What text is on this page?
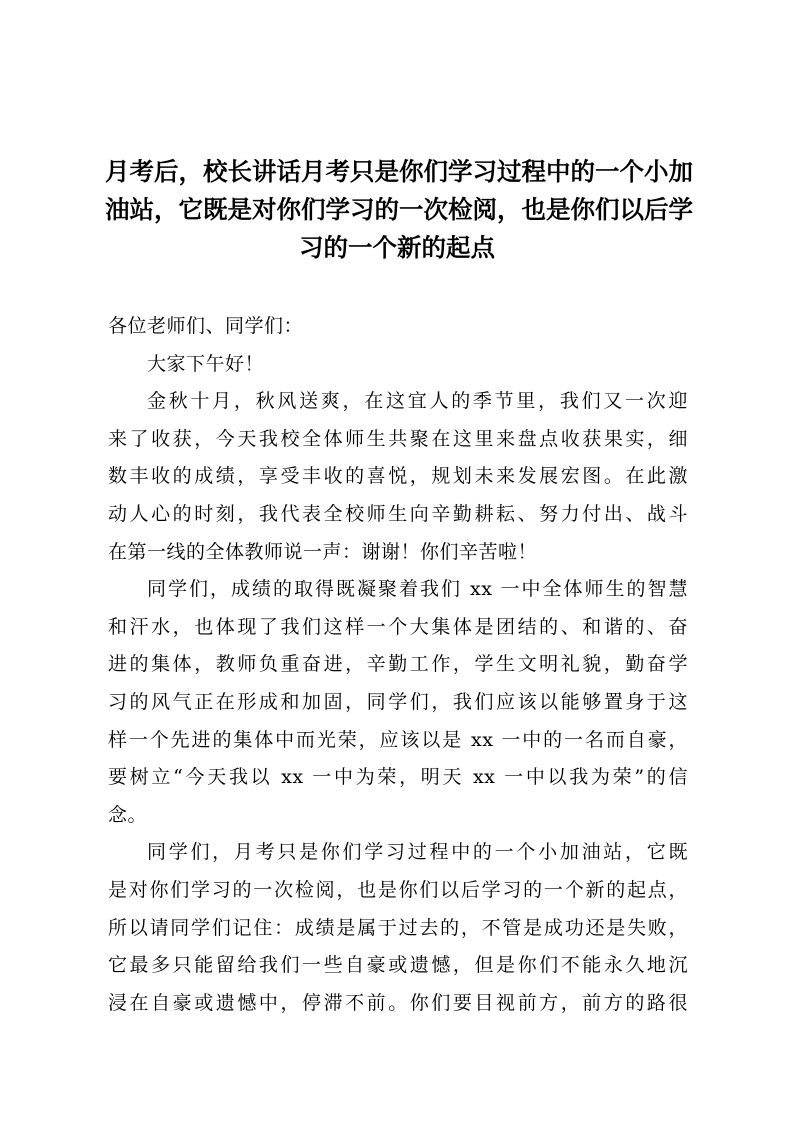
月考后，校长讲话月考只是你们学习过程中的一个小加
油站，它既是对你们学习的一次检阅，也是你们以后学
习的一个新的起点
各位老师们、同学们：
大家下午好！
金秋十月，秋风送爽，在这宜人的季节里，我们又一次迎
来了收获，今天我校全体师生共聚在这里来盘点收获果实，细
数丰收的成绩，享受丰收的喜悦，规划未来发展宏图。在此激
动人心的时刻，我代表全校师生向辛勤耕耘、努力付出、战斗
在第一线的全体教师说一声：谢谢！你们辛苦啦！
同学们，成绩的取得既凝聚着我们 xx 一中全体师生的智慧
和汗水，也体现了我们这样一个大集体是团结的、和谐的、奋
进的集体，教师负重奋进，辛勤工作，学生文明礼貌，勤奋学
习的风气正在形成和加固，同学们，我们应该以能够置身于这
样一个先进的集体中而光荣，应该以是 xx 一中的一名而自豪，
要树立“今天我以 xx 一中为荣，明天 xx 一中以我为荣”的信
念。
同学们，月考只是你们学习过程中的一个小加油站，它既
是对你们学习的一次检阅，也是你们以后学习的一个新的起点，
所以请同学们记住：成绩是属于过去的，不管是成功还是失败，
它最多只能留给我们一些自豪或遗憾，但是你们不能永久地沉
浸在自豪或遗憾中，停滞不前。你们要目视前方，前方的路很
